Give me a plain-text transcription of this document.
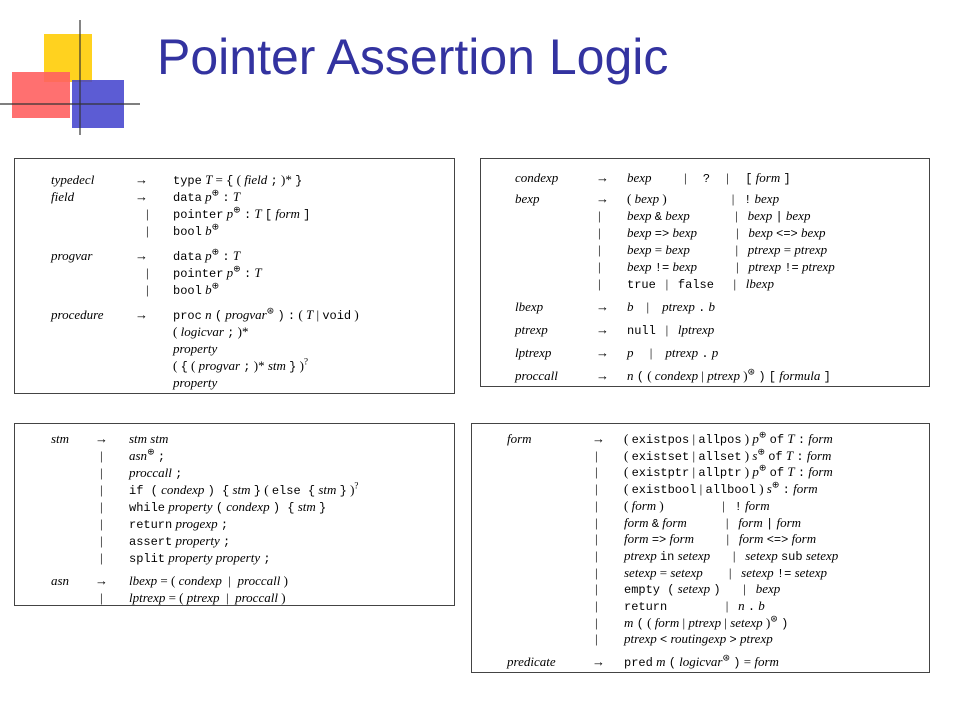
Pointer Assertion Logic
typedecl	→ type T = { ( field ; )* }
field	→ data p⊕ : T
| pointer p⊕ : T [ form ]
| bool b⊕
progvar	→ data p⊕ : T
| pointer p⊕ : T
| bool b⊕
procedure → proc n ( progvar⊛ ) : ( T | void )
( logicvar ; )*
property
( { ( progvar ; )* stm } )?
property
condexp	→ bexp          |     ?     |     [ form ]
bexp	→ ( bexp )                    |   ! bexp
| bexp & bexp              |   bexp | bexp
| bexp => bexp            |   bexp <=> bexp
| bexp = bexp              |   ptrexp = ptrexp
| bexp != bexp            |   ptrexp != ptrexp
| true   |   false      |   lbexp
lbexp	→ b    |    ptrexp . b
ptrexp	→ null   |   lptrexp
lptrexp	→ p     |    ptrexp . p
proccall	→ n ( ( condexp | ptrexp )⊛ ) [ formula ]
stm → stm stm
| asn⊕ ;
| proccall ;
| if ( condexp ) { stm } ( else { stm } )?
| while property ( condexp ) { stm }
| return progexp ;
| assert property ;
| split property property ;
asn → lbexp = ( condexp  |  proccall )
| lptrexp = ( ptrexp  |  proccall )
form	→ ( existpos | allpos ) p⊕ of T : form
| ( existset | allset ) s⊕ of T : form
| ( existptr | allptr ) p⊕ of T : form
| ( existbool | allbool ) s⊕ : form
| ( form )                  |   ! form
| form & form            |   form | form
| form => form          |   form <=> form
| ptrexp in setexp       |   setexp sub setexp
| setexp = setexp        |   setexp != setexp
| empty ( setexp )       |   bexp
| return                  |   n . b
| m ( ( form | ptrexp | setexp )⊛ )
| ptrexp < routingexp > ptrexp
predicate	→ pred m ( logicvar⊛ ) = form
